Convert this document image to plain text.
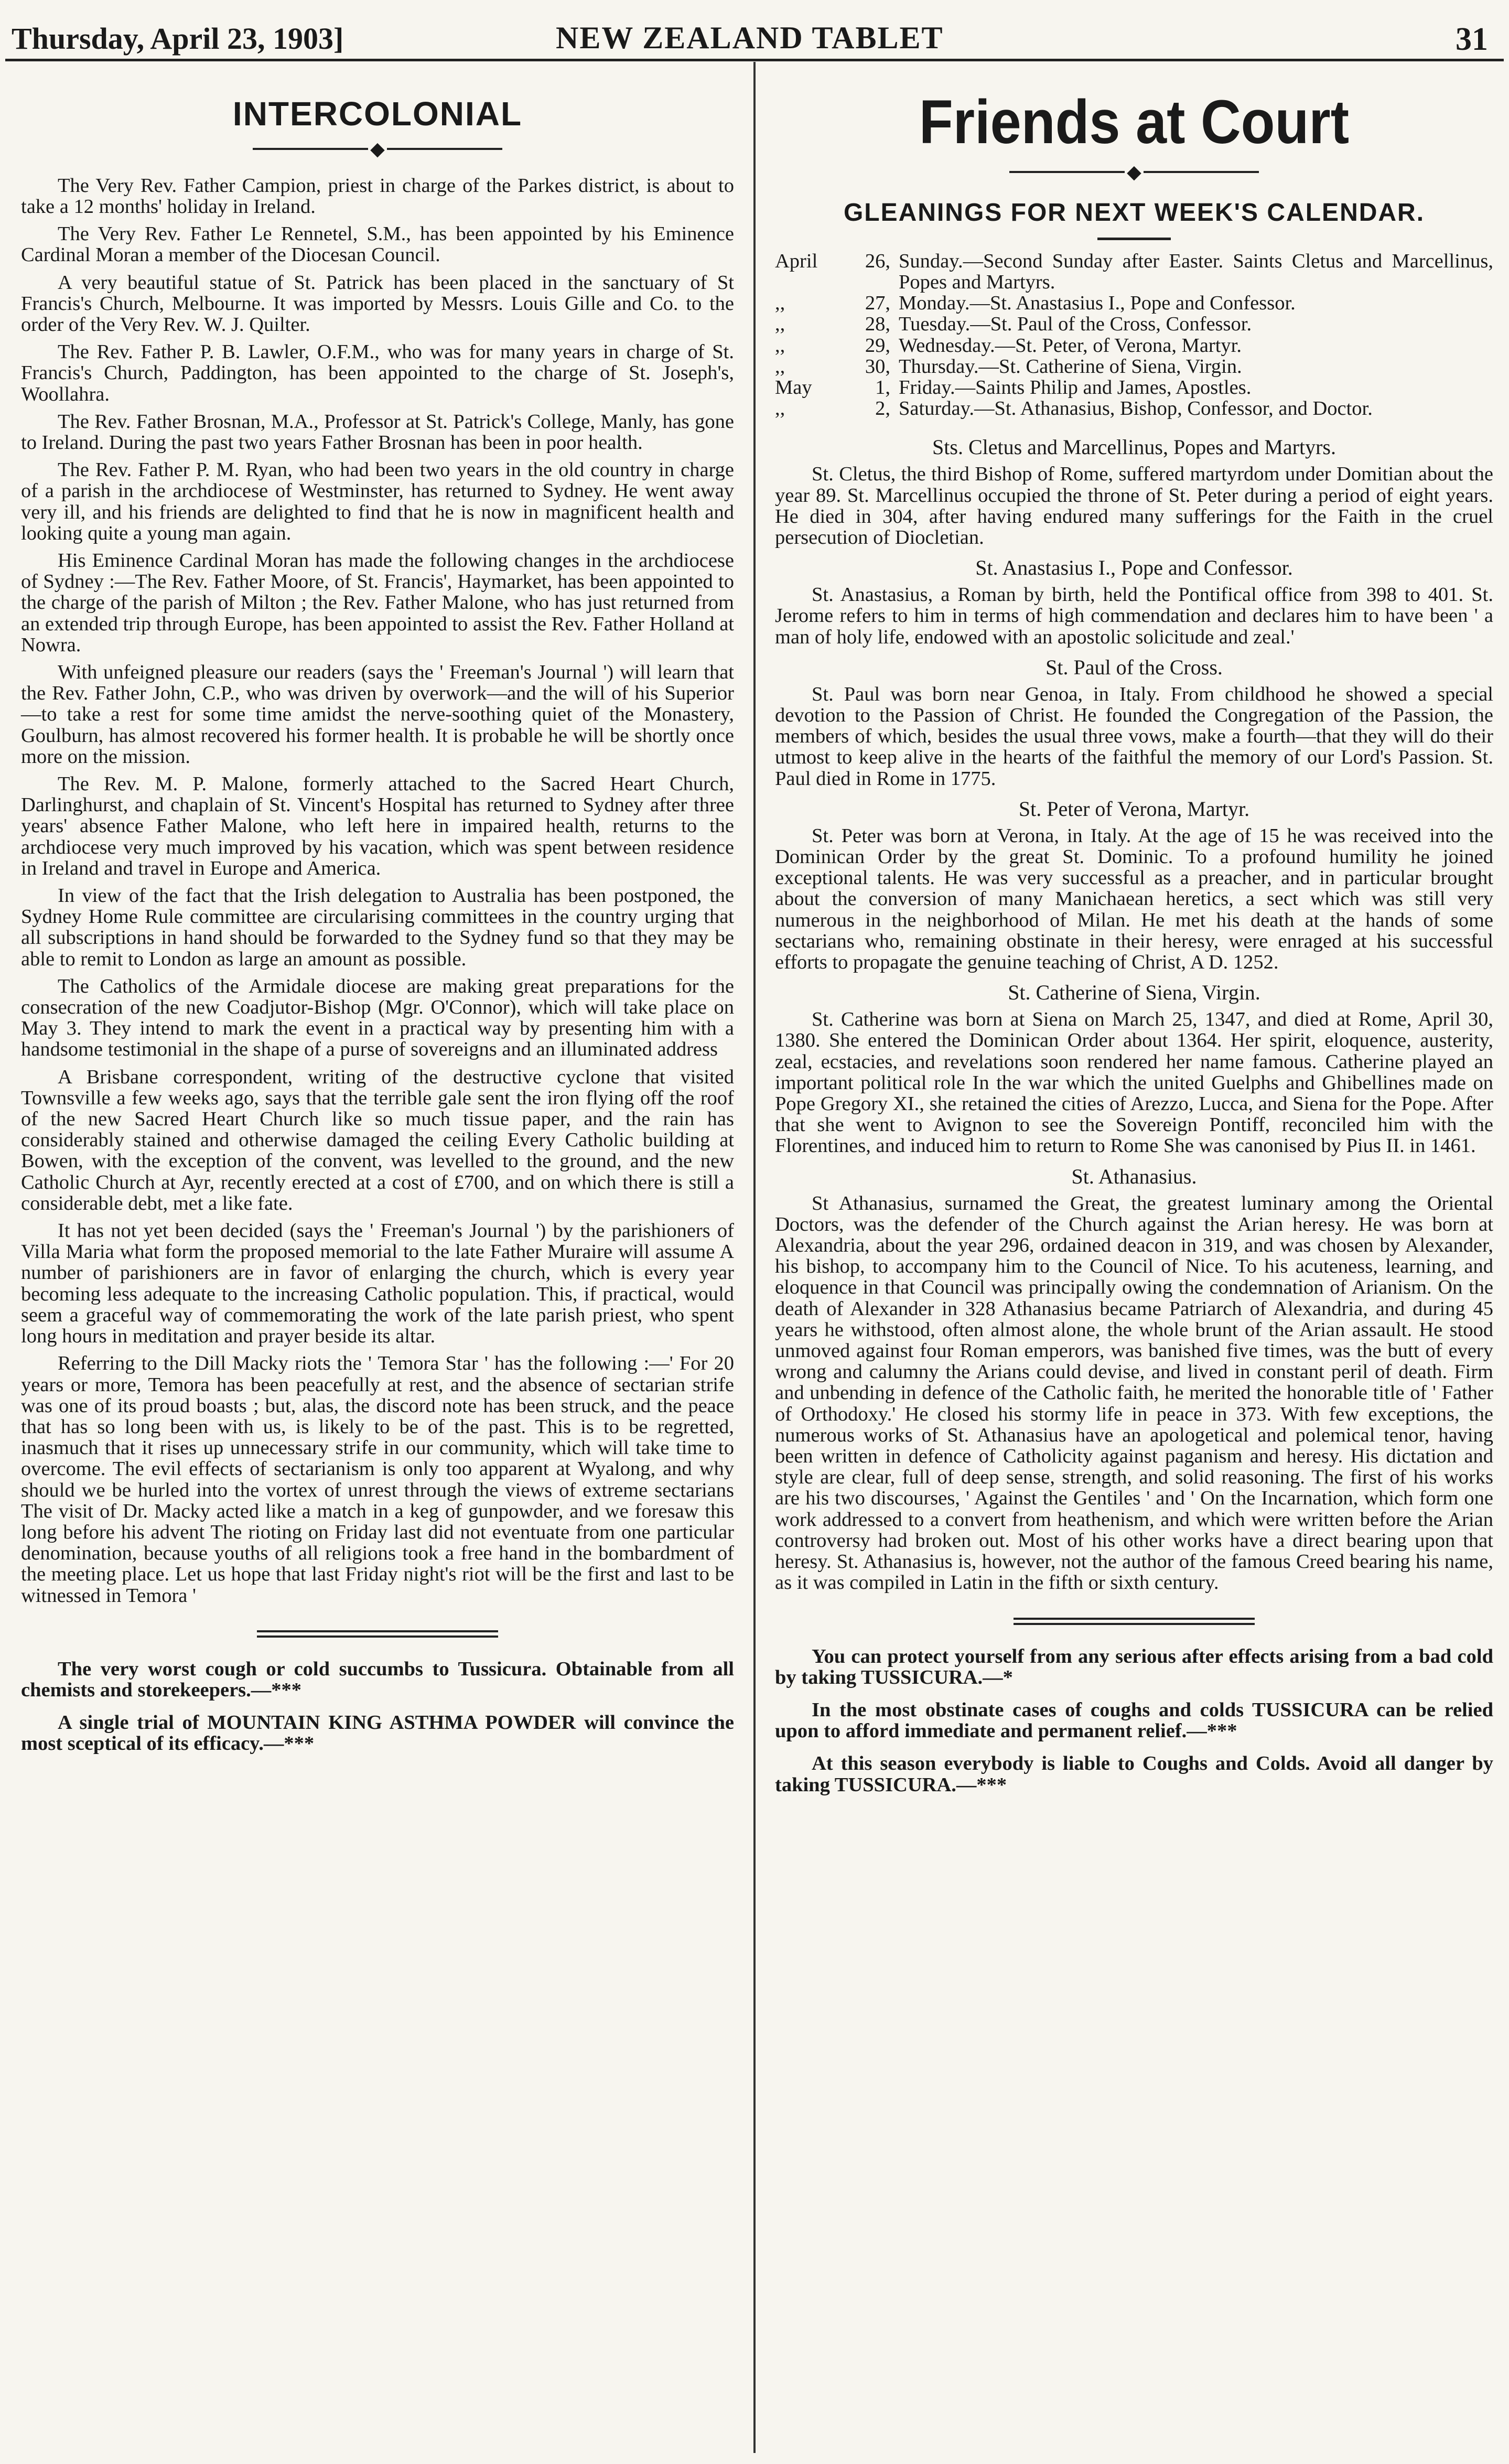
Thursday, April 23, 1903]	NEW ZEALAND TABLET	31
INTERCOLONIAL
◆

The Very Rev. Father Campion, priest in charge of the Parkes district, is about to take a 12 months' holiday in Ireland.

The Very Rev. Father Le Rennetel, S.M., has been appointed by his Eminence Cardinal Moran a member of the Diocesan Council.

A very beautiful statue of St. Patrick has been placed in the sanctuary of St Francis's Church, Melbourne. It was imported by Messrs. Louis Gille and Co. to the order of the Very Rev. W. J. Quilter.

The Rev. Father P. B. Lawler, O.F.M., who was for many years in charge of St. Francis's Church, Paddington, has been appointed to the charge of St. Joseph's, Woollahra.

The Rev. Father Brosnan, M.A., Professor at St. Patrick's College, Manly, has gone to Ireland. During the past two years Father Brosnan has been in poor health.

The Rev. Father P. M. Ryan, who had been two years in the old country in charge of a parish in the archdiocese of Westminster, has returned to Sydney. He went away very ill, and his friends are delighted to find that he is now in magnificent health and looking quite a young man again.

His Eminence Cardinal Moran has made the following changes in the archdiocese of Sydney :—The Rev. Father Moore, of St. Francis', Haymarket, has been appointed to the charge of the parish of Milton ; the Rev. Father Malone, who has just returned from an extended trip through Europe, has been appointed to assist the Rev. Father Holland at Nowra.

With unfeigned pleasure our readers (says the ' Freeman's Journal ') will learn that the Rev. Father John, C.P., who was driven by overwork—and the will of his Superior—to take a rest for some time amidst the nerve-soothing quiet of the Monastery, Goulburn, has almost recovered his former health. It is probable he will be shortly once more on the mission.

The Rev. M. P. Malone, formerly attached to the Sacred Heart Church, Darlinghurst, and chaplain of St. Vincent's Hospital has returned to Sydney after three years' absence Father Malone, who left here in impaired health, returns to the archdiocese very much improved by his vacation, which was spent between residence in Ireland and travel in Europe and America.

In view of the fact that the Irish delegation to Australia has been postponed, the Sydney Home Rule committee are circularising committees in the country urging that all subscriptions in hand should be forwarded to the Sydney fund so that they may be able to remit to London as large an amount as possible.

The Catholics of the Armidale diocese are making great preparations for the consecration of the new Coadjutor-Bishop (Mgr. O'Connor), which will take place on May 3. They intend to mark the event in a practical way by presenting him with a handsome testimonial in the shape of a purse of sovereigns and an illuminated address

A Brisbane correspondent, writing of the destructive cyclone that visited Townsville a few weeks ago, says that the terrible gale sent the iron flying off the roof of the new Sacred Heart Church like so much tissue paper, and the rain has considerably stained and otherwise damaged the ceiling Every Catholic building at Bowen, with the exception of the convent, was levelled to the ground, and the new Catholic Church at Ayr, recently erected at a cost of £700, and on which there is still a considerable debt, met a like fate.

It has not yet been decided (says the ' Freeman's Journal ') by the parishioners of Villa Maria what form the proposed memorial to the late Father Muraire will assume A number of parishioners are in favor of enlarging the church, which is every year becoming less adequate to the increasing Catholic population. This, if practical, would seem a graceful way of commemorating the work of the late parish priest, who spent long hours in meditation and prayer beside its altar.

Referring to the Dill Macky riots the ' Temora Star ' has the following :—' For 20 years or more, Temora has been peacefully at rest, and the absence of sectarian strife was one of its proud boasts ; but, alas, the discord note has been struck, and the peace that has so long been with us, is likely to be of the past. This is to be regretted, inasmuch that it rises up unnecessary strife in our community, which will take time to overcome. The evil effects of sectarianism is only too apparent at Wyalong, and why should we be hurled into the vortex of unrest through the views of extreme sectarians The visit of Dr. Macky acted like a match in a keg of gunpowder, and we foresaw this long before his advent The rioting on Friday last did not eventuate from one particular denomination, because youths of all religions took a free hand in the bombardment of the meeting place. Let us hope that last Friday night's riot will be the first and last to be witnessed in Temora '

The very worst cough or cold succumbs to Tussicura. Obtainable from all chemists and storekeepers.—***

A single trial of MOUNTAIN KING ASTHMA POWDER will convince the most sceptical of its efficacy.—***

Friends at Court
◆
GLEANINGS FOR NEXT WEEK'S CALENDAR.
April	26, Sunday.—Second Sunday after Easter. Saints Cletus and Marcellinus, Popes and Martyrs.
,,	27, Monday.—St. Anastasius I., Pope and Confessor.
,,	28, Tuesday.—St. Paul of the Cross, Confessor.
,,	29, Wednesday.—St. Peter, of Verona, Martyr.
,,	30, Thursday.—St. Catherine of Siena, Virgin.
May	1, Friday.—Saints Philip and James, Apostles.
,,	2, Saturday.—St. Athanasius, Bishop, Confessor, and Doctor.
Sts. Cletus and Marcellinus, Popes and Martyrs.

St. Cletus, the third Bishop of Rome, suffered martyrdom under Domitian about the year 89. St. Marcellinus occupied the throne of St. Peter during a period of eight years. He died in 304, after having endured many sufferings for the Faith in the cruel persecution of Diocletian.

St. Anastasius I., Pope and Confessor.

St. Anastasius, a Roman by birth, held the Pontifical office from 398 to 401. St. Jerome refers to him in terms of high commendation and declares him to have been ' a man of holy life, endowed with an apostolic solicitude and zeal.'

St. Paul of the Cross.

St. Paul was born near Genoa, in Italy. From childhood he showed a special devotion to the Passion of Christ. He founded the Congregation of the Passion, the members of which, besides the usual three vows, make a fourth—that they will do their utmost to keep alive in the hearts of the faithful the memory of our Lord's Passion. St. Paul died in Rome in 1775.

St. Peter of Verona, Martyr.

St. Peter was born at Verona, in Italy. At the age of 15 he was received into the Dominican Order by the great St. Dominic. To a profound humility he joined exceptional talents. He was very successful as a preacher, and in particular brought about the conversion of many Manichaean heretics, a sect which was still very numerous in the neighborhood of Milan. He met his death at the hands of some sectarians who, remaining obstinate in their heresy, were enraged at his successful efforts to propagate the genuine teaching of Christ, A D. 1252.

St. Catherine of Siena, Virgin.

St. Catherine was born at Siena on March 25, 1347, and died at Rome, April 30, 1380. She entered the Dominican Order about 1364. Her spirit, eloquence, austerity, zeal, ecstacies, and revelations soon rendered her name famous. Catherine played an important political role In the war which the united Guelphs and Ghibellines made on Pope Gregory XI., she retained the cities of Arezzo, Lucca, and Siena for the Pope. After that she went to Avignon to see the Sovereign Pontiff, reconciled him with the Florentines, and induced him to return to Rome She was canonised by Pius II. in 1461.

St. Athanasius.

St Athanasius, surnamed the Great, the greatest luminary among the Oriental Doctors, was the defender of the Church against the Arian heresy. He was born at Alexandria, about the year 296, ordained deacon in 319, and was chosen by Alexander, his bishop, to accompany him to the Council of Nice. To his acuteness, learning, and eloquence in that Council was principally owing the condemnation of Arianism. On the death of Alexander in 328 Athanasius became Patriarch of Alexandria, and during 45 years he withstood, often almost alone, the whole brunt of the Arian assault. He stood unmoved against four Roman emperors, was banished five times, was the butt of every wrong and calumny the Arians could devise, and lived in constant peril of death. Firm and unbending in defence of the Catholic faith, he merited the honorable title of ' Father of Orthodoxy.' He closed his stormy life in peace in 373. With few exceptions, the numerous works of St. Athanasius have an apologetical and polemical tenor, having been written in defence of Catholicity against paganism and heresy. His dictation and style are clear, full of deep sense, strength, and solid reasoning. The first of his works are his two discourses, ' Against the Gentiles ' and ' On the Incarnation, which form one work addressed to a convert from heathenism, and which were written before the Arian controversy had broken out. Most of his other works have a direct bearing upon that heresy. St. Athanasius is, however, not the author of the famous Creed bearing his name, as it was compiled in Latin in the fifth or sixth century.

You can protect yourself from any serious after effects arising from a bad cold by taking TUSSICURA.—*

In the most obstinate cases of coughs and colds TUSSICURA can be relied upon to afford immediate and permanent relief.—***

At this season everybody is liable to Coughs and Colds. Avoid all danger by taking TUSSICURA.—***
